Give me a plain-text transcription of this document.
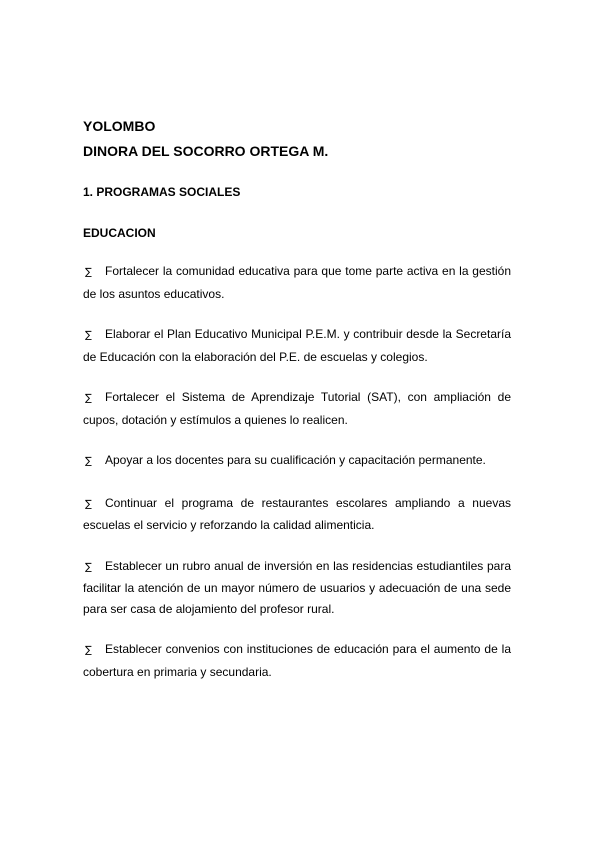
YOLOMBO

DINORA DEL SOCORRO ORTEGA M.

1. PROGRAMAS SOCIALES

EDUCACION

∑ Fortalecer la comunidad educativa para que tome parte activa en la gestión de los asuntos educativos.

∑ Elaborar el Plan Educativo Municipal P.E.M. y contribuir desde la Secretaría de Educación con la elaboración del P.E. de escuelas y colegios.

∑ Fortalecer el Sistema de Aprendizaje Tutorial (SAT), con ampliación de cupos, dotación y estímulos a quienes lo realicen.

∑ Apoyar a los docentes para su cualificación y capacitación permanente.

∑ Continuar el programa de restaurantes escolares ampliando a nuevas escuelas el servicio y reforzando la calidad alimenticia.

∑ Establecer un rubro anual de inversión en las residencias estudiantiles para facilitar la atención de un mayor número de usuarios y adecuación de una sede para ser casa de alojamiento del profesor rural.

∑ Establecer convenios con instituciones de educación para el aumento de la cobertura en primaria y secundaria.
